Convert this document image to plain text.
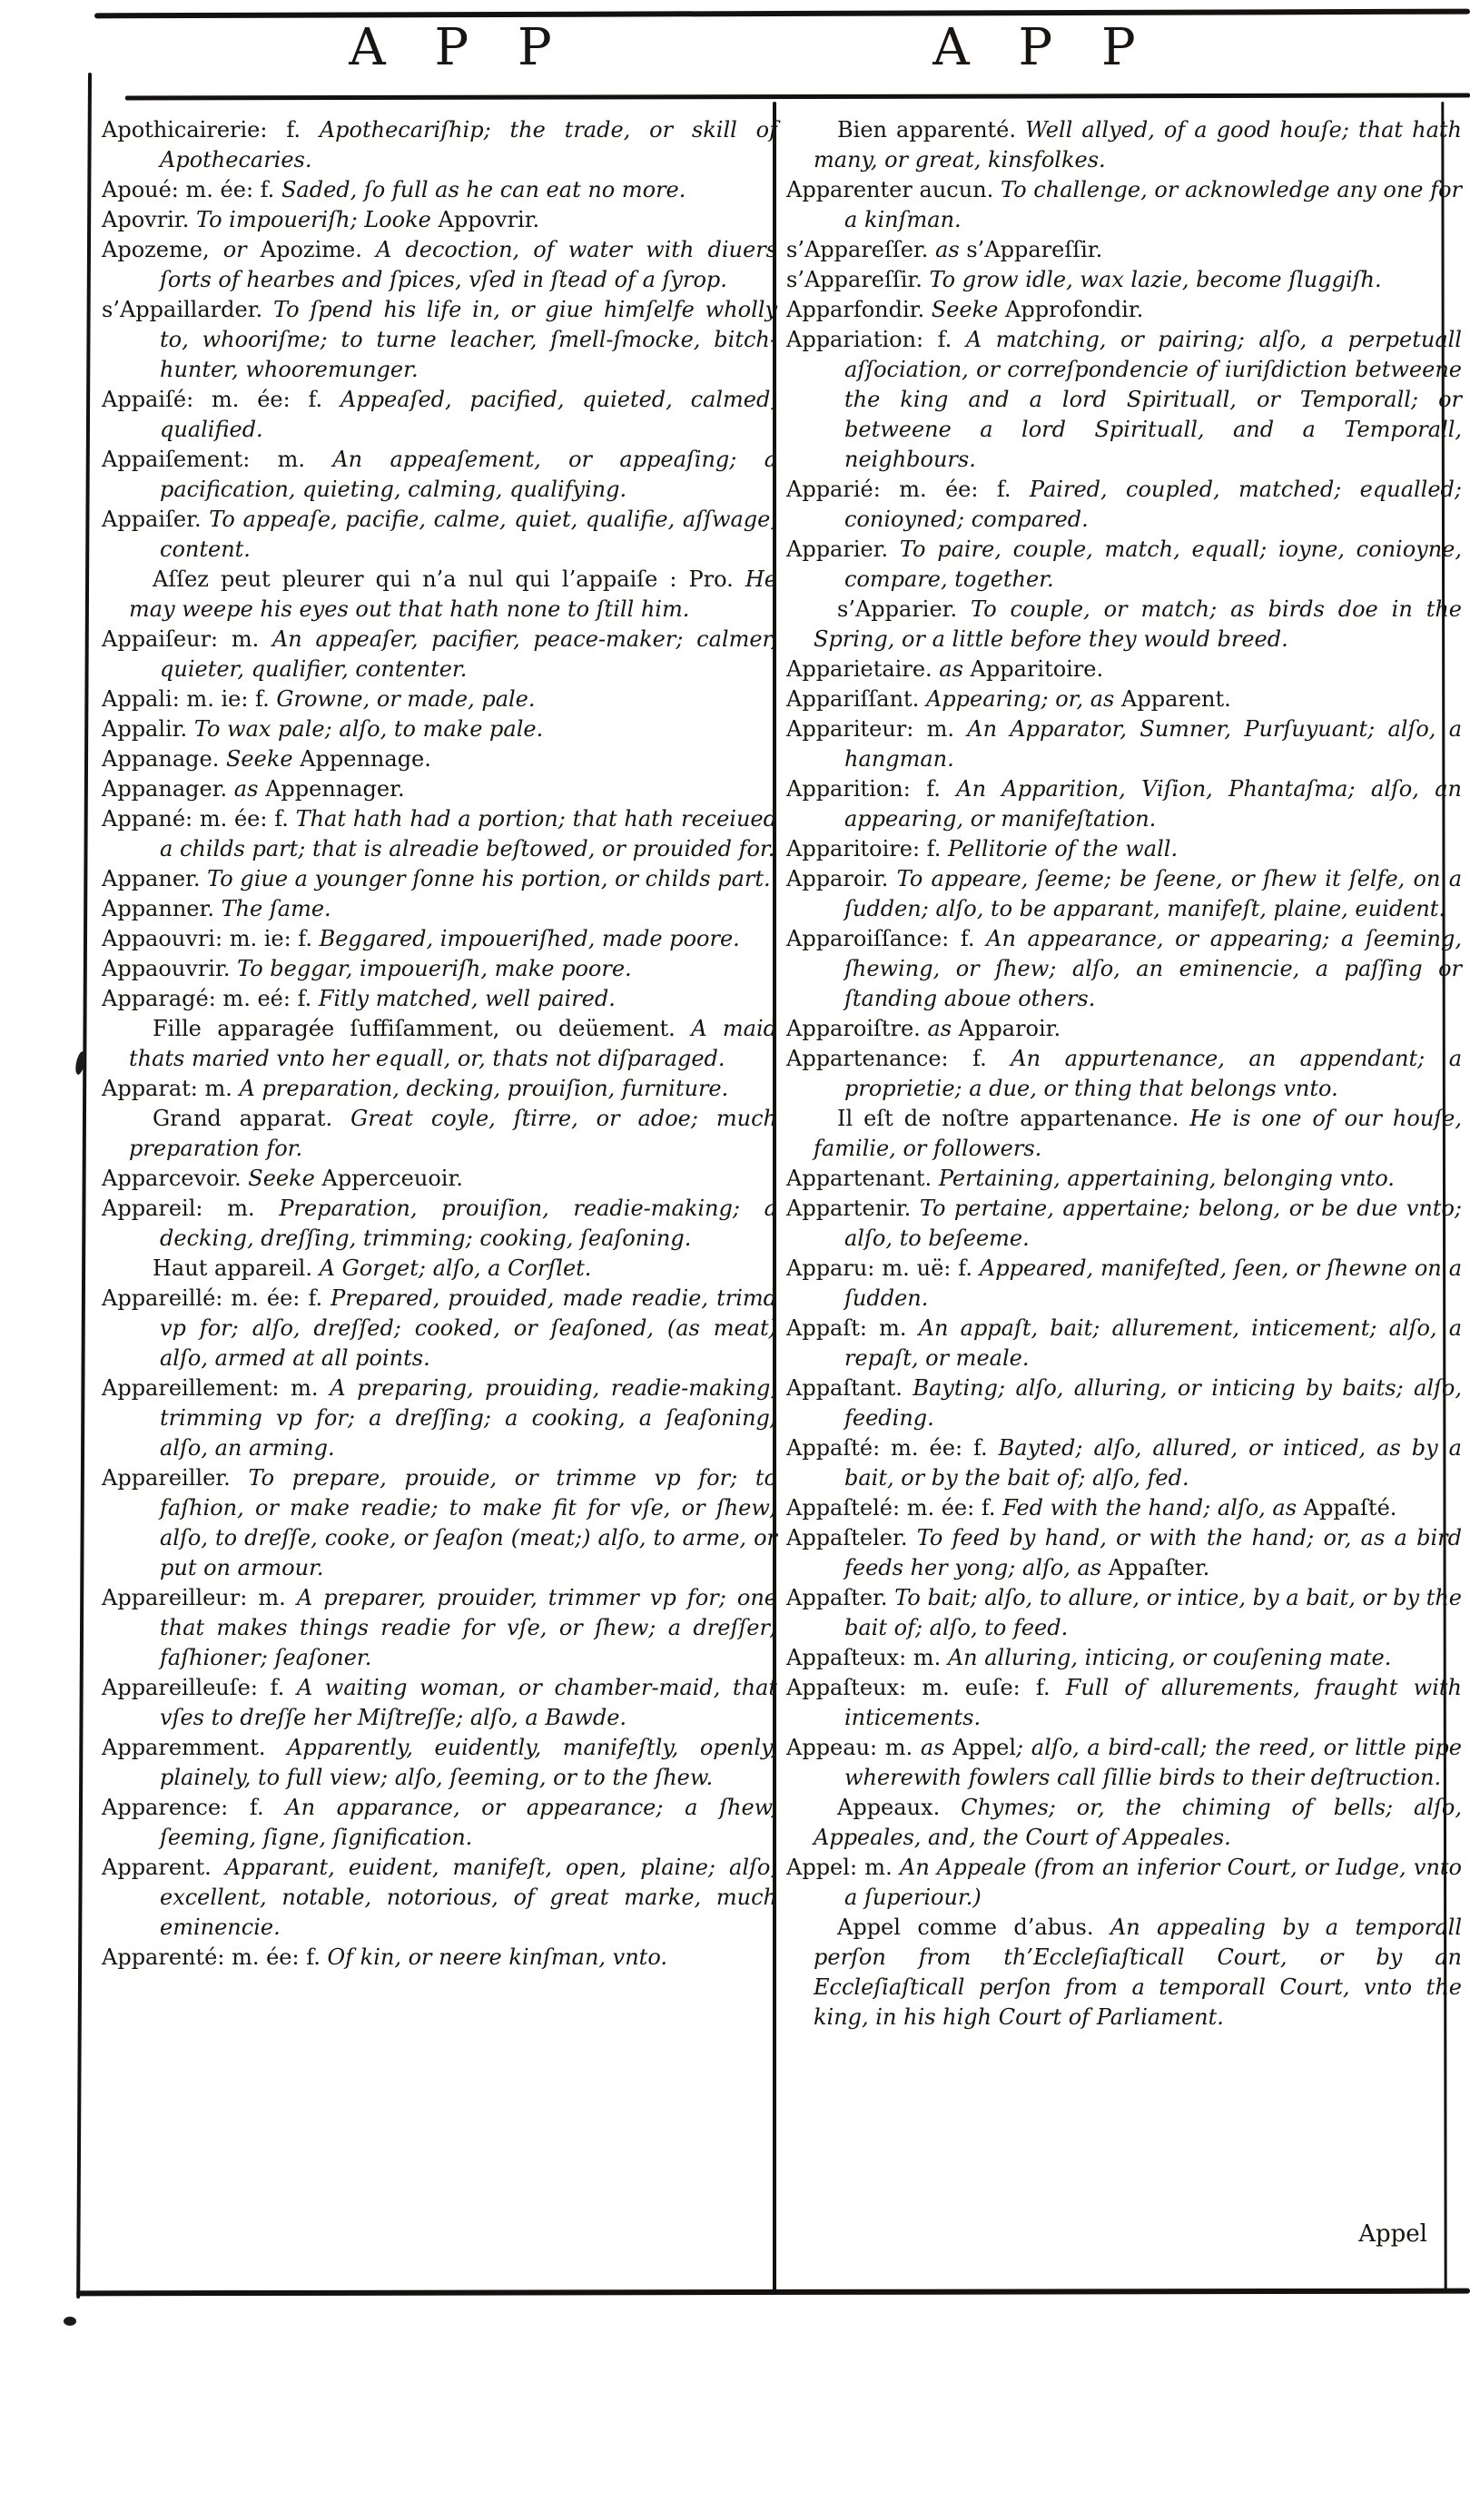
A P P	A P P
Apothicairerie: f. Apothecariſhip; the trade, or skill of Apothecaries.
Apoué: m. ée: f. Saded, ſo full as he can eat no more.
Apovrir. To impoueriſh; Looke Appovrir.
Apozeme, or Apozime. A decoction, of water with diuers ſorts of hearbes and ſpices, vſed in ſtead of a ſyrop.
s’Appaillarder. To ſpend his life in, or giue himſelfe wholly to, whooriſme; to turne leacher, ſmell-ſmocke, bitch-hunter, whooremunger.
Appaiſé: m. ée: f. Appeaſed, pacified, quieted, calmed, qualified.
Appaiſement: m. An appeaſement, or appeaſing; a pacification, quieting, calming, qualifying.
Appaiſer. To appeaſe, pacifie, calme, quiet, qualifie, aſſwage, content.
Aſſez peut pleurer qui n’a nul qui l’appaiſe : Pro. He may weepe his eyes out that hath none to ſtill him.
Appaiſeur: m. An appeaſer, pacifier, peace-maker; calmer, quieter, qualifier, contenter.
Appali: m. ie: f. Growne, or made, pale.
Appalir. To wax pale; alſo, to make pale.
Appanage. Seeke Appennage.
Appanager. as Appennager.
Appané: m. ée: f. That hath had a portion; that hath receiued a childs part; that is alreadie beſtowed, or prouided for.
Appaner. To giue a younger ſonne his portion, or childs part.
Appanner. The ſame.
Appaouvri: m. ie: f. Beggared, impoueriſhed, made poore.
Appaouvrir. To beggar, impoueriſh, make poore.
Apparagé: m. eé: f. Fitly matched, well paired.
Fille apparagée ſuffiſamment, ou deüement. A maid thats maried vnto her equall, or, thats not diſparaged.
Apparat: m. A preparation, decking, prouiſion, furniture.
Grand apparat. Great coyle, ſtirre, or adoe; much preparation for.
Apparcevoir. Seeke Apperceuoir.
Appareil: m. Preparation, prouiſion, readie-making; a decking, dreſſing, trimming; cooking, ſeaſoning.
Haut appareil. A Gorget; alſo, a Corſlet.
Appareillé: m. ée: f. Prepared, prouided, made readie, trimd vp for; alſo, dreſſed; cooked, or ſeaſoned, (as meat) alſo, armed at all points.
Appareillement: m. A preparing, prouiding, readie-making, trimming vp for; a dreſſing; a cooking, a ſeaſoning; alſo, an arming.
Appareiller. To prepare, prouide, or trimme vp for; to faſhion, or make readie; to make fit for vſe, or ſhew; alſo, to dreſſe, cooke, or ſeaſon (meat;) alſo, to arme, or put on armour.
Appareilleur: m. A preparer, prouider, trimmer vp for; one that makes things readie for vſe, or ſhew; a dreſſer; faſhioner; ſeaſoner.
Appareilleuſe: f. A waiting woman, or chamber-maid, that vſes to dreſſe her Miſtreſſe; alſo, a Bawde.
Apparemment. Apparently, euidently, manifeſtly, openly, plainely, to full view; alſo, ſeeming, or to the ſhew.
Apparence: f. An apparance, or appearance; a ſhew, ſeeming, ſigne, ſignification.
Apparent. Apparant, euident, manifeſt, open, plaine; alſo, excellent, notable, notorious, of great marke, much eminencie.
Apparenté: m. ée: f. Of kin, or neere kinſman, vnto.
Bien apparenté. Well allyed, of a good houſe; that hath many, or great, kinsfolkes.
Apparenter aucun. To challenge, or acknowledge any one for a kinſman.
s’Appareſſer. as s’Appareſſir.
s’Appareſſir. To grow idle, wax lazie, become ſluggiſh.
Apparfondir. Seeke Approfondir.
Appariation: f. A matching, or pairing; alſo, a perpetuall aſſociation, or correſpondencie of iuriſdiction betweene the king and a lord Spirituall, or Temporall; or betweene a lord Spirituall, and a Temporall, neighbours.
Apparié: m. ée: f. Paired, coupled, matched; equalled; conioyned; compared.
Apparier. To paire, couple, match, equall; ioyne, conioyne, compare, together.
s’Apparier. To couple, or match; as birds doe in the Spring, or a little before they would breed.
Apparietaire. as Apparitoire.
Appariſſant. Appearing; or, as Apparent.
Appariteur: m. An Apparator, Sumner, Purſuyuant; alſo, a hangman.
Apparition: f. An Apparition, Viſion, Phantaſma; alſo, an appearing, or manifeſtation.
Apparitoire: f. Pellitorie of the wall.
Apparoir. To appeare, ſeeme; be ſeene, or ſhew it ſelfe, on a ſudden; alſo, to be apparant, manifeſt, plaine, euident.
Apparoiſſance: f. An appearance, or appearing; a ſeeming, ſhewing, or ſhew; alſo, an eminencie, a paſſing or ſtanding aboue others.
Apparoiſtre. as Apparoir.
Appartenance: f. An appurtenance, an appendant; a proprietie; a due, or thing that belongs vnto.
Il eſt de noſtre appartenance. He is one of our houſe, familie, or followers.
Appartenant. Pertaining, appertaining, belonging vnto.
Appartenir. To pertaine, appertaine; belong, or be due vnto; alſo, to beſeeme.
Apparu: m. uë: f. Appeared, manifeſted, ſeen, or ſhewne on a ſudden.
Appaſt: m. An appaſt, bait; allurement, inticement; alſo, a repaſt, or meale.
Appaſtant. Bayting; alſo, alluring, or inticing by baits; alſo, feeding.
Appaſté: m. ée: f. Bayted; alſo, allured, or inticed, as by a bait, or by the bait of; alſo, fed.
Appaſtelé: m. ée: f. Fed with the hand; alſo, as Appaſté.
Appaſteler. To feed by hand, or with the hand; or, as a bird feeds her yong; alſo, as Appaſter.
Appaſter. To bait; alſo, to allure, or intice, by a bait, or by the bait of; alſo, to feed.
Appaſteux: m. An alluring, inticing, or couſening mate.
Appaſteux: m. euſe: f. Full of allurements, fraught with inticements.
Appeau: m. as Appel; alſo, a bird-call; the reed, or little pipe wherewith fowlers call ſillie birds to their deſtruction.
Appeaux. Chymes; or, the chiming of bells; alſo, Appeales, and, the Court of Appeales.
Appel: m. An Appeale (from an inferior Court, or Iudge, vnto a ſuperiour.)
Appel comme d’abus. An appealing by a temporall perſon from th’Eccleſiaſticall Court, or by an Eccleſiaſticall perſon from a temporall Court, vnto the king, in his high Court of Parliament.
Appel
